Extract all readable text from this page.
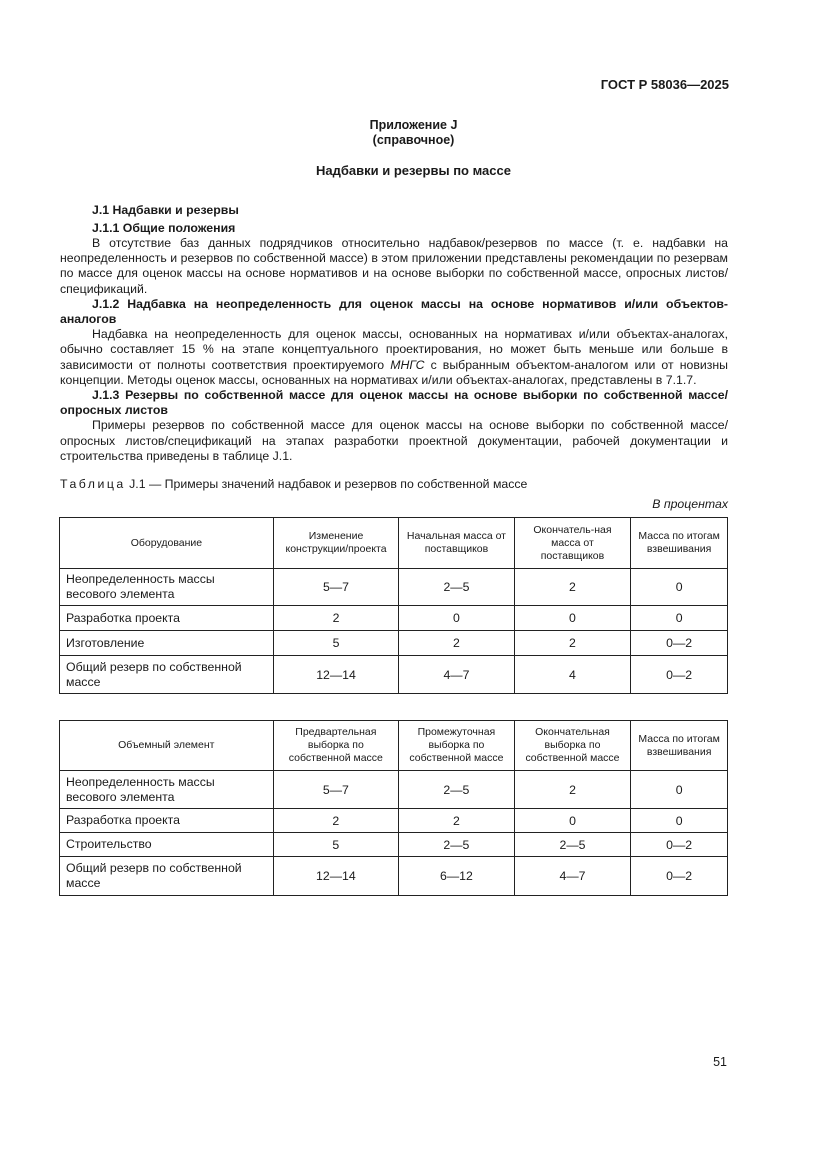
ГОСТ Р 58036—2025
Приложение J
(справочное)
Надбавки и резервы по массе
J.1 Надбавки и резервы
J.1.1 Общие положения

В отсутствие баз данных подрядчиков относительно надбавок/резервов по массе (т. е. надбавки на неопределенность и резервов по собственной массе) в этом приложении представлены рекомендации по резервам по массе для оценок массы на основе нормативов и на основе выборки по собственной массе, опросных листов/спецификаций.

J.1.2 Надбавка на неопределенность для оценок массы на основе нормативов и/или объектов-аналогов

Надбавка на неопределенность для оценок массы, основанных на нормативах и/или объектах-аналогах, обычно составляет 15 % на этапе концептуального проектирования, но может быть меньше или больше в зависимости от полноты соответствия проектируемого МНГС с выбранным объектом-аналогом или от новизны концепции. Методы оценок массы, основанных на нормативах и/или объектах-аналогах, представлены в 7.1.7.

J.1.3 Резервы по собственной массе для оценок массы на основе выборки по собственной массе/опросных листов

Примеры резервов по собственной массе для оценок массы на основе выборки по собственной массе/опросных листов/спецификаций на этапах разработки проектной документации, рабочей документации и строительства приведены в таблице J.1.

Таблица J.1 — Примеры значений надбавок и резервов по собственной массе
В процентах
Оборудование	Изменение конструкции/проекта	Начальная масса от поставщиков	Окончатель-ная масса от поставщиков	Масса по итогам взвешивания
Неопределенность массы весового элемента	5—7	2—5	2	0
Разработка проекта	2	0	0	0
Изготовление	5	2	2	0—2
Общий резерв по собственной массе	12—14	4—7	4	0—2
Объемный элемент	Предвартельная выборка по собственной массе	Промежуточная выборка по собственной массе	Окончательная выборка по собственной массе	Масса по итогам взвешивания
Неопределенность массы весового элемента	5—7	2—5	2	0
Разработка проекта	2	2	0	0
Строительство	5	2—5	2—5	0—2
Общий резерв по собственной массе	12—14	6—12	4—7	0—2
51
